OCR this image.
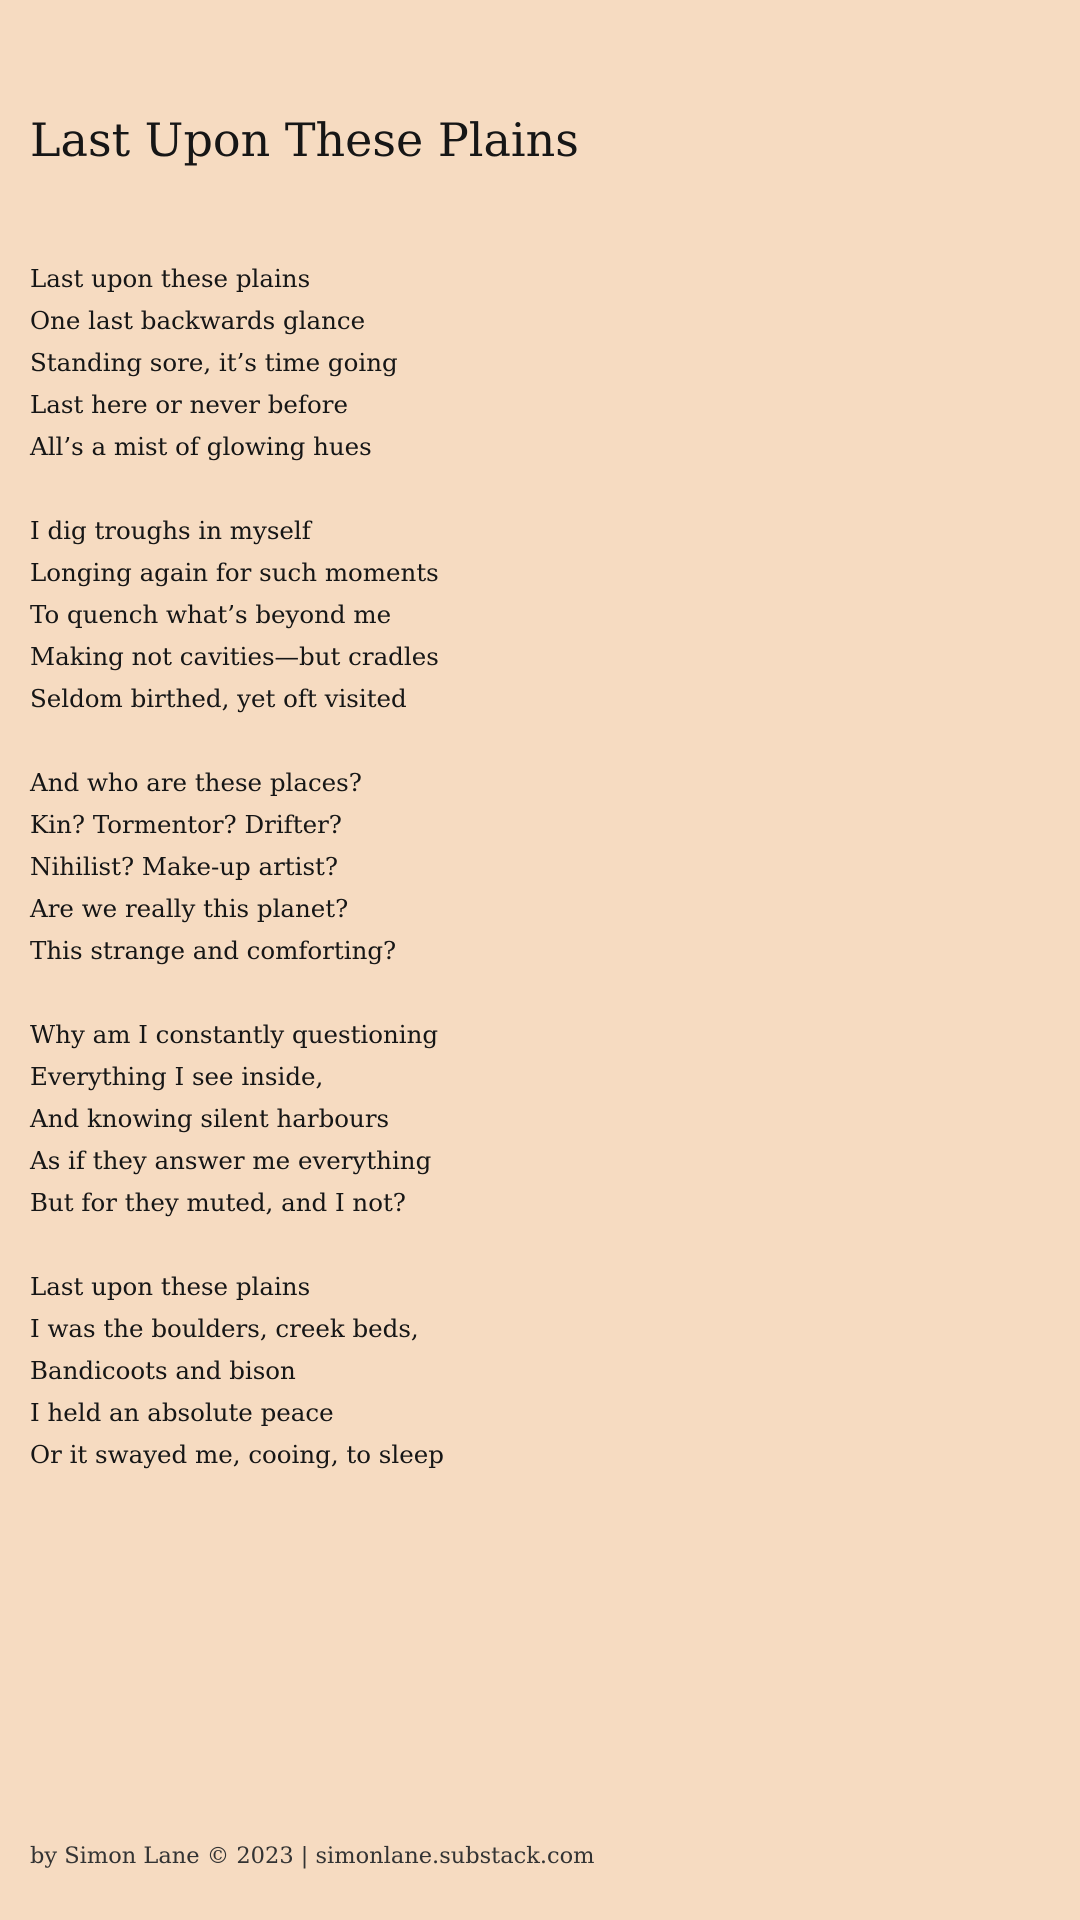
Last Upon These Plains
Last upon these plains
One last backwards glance
Standing sore, it’s time going
Last here or never before
All’s a mist of glowing hues
I dig troughs in myself
Longing again for such moments
To quench what’s beyond me
Making not cavities—but cradles
Seldom birthed, yet oft visited
And who are these places?
Kin? Tormentor? Drifter?
Nihilist? Make-up artist?
Are we really this planet?
This strange and comforting?
Why am I constantly questioning
Everything I see inside,
And knowing silent harbours
As if they answer me everything
But for they muted, and I not?
Last upon these plains
I was the boulders, creek beds,
Bandicoots and bison
I held an absolute peace
Or it swayed me, cooing, to sleep
by Simon Lane © 2023 | simonlane.substack.com
